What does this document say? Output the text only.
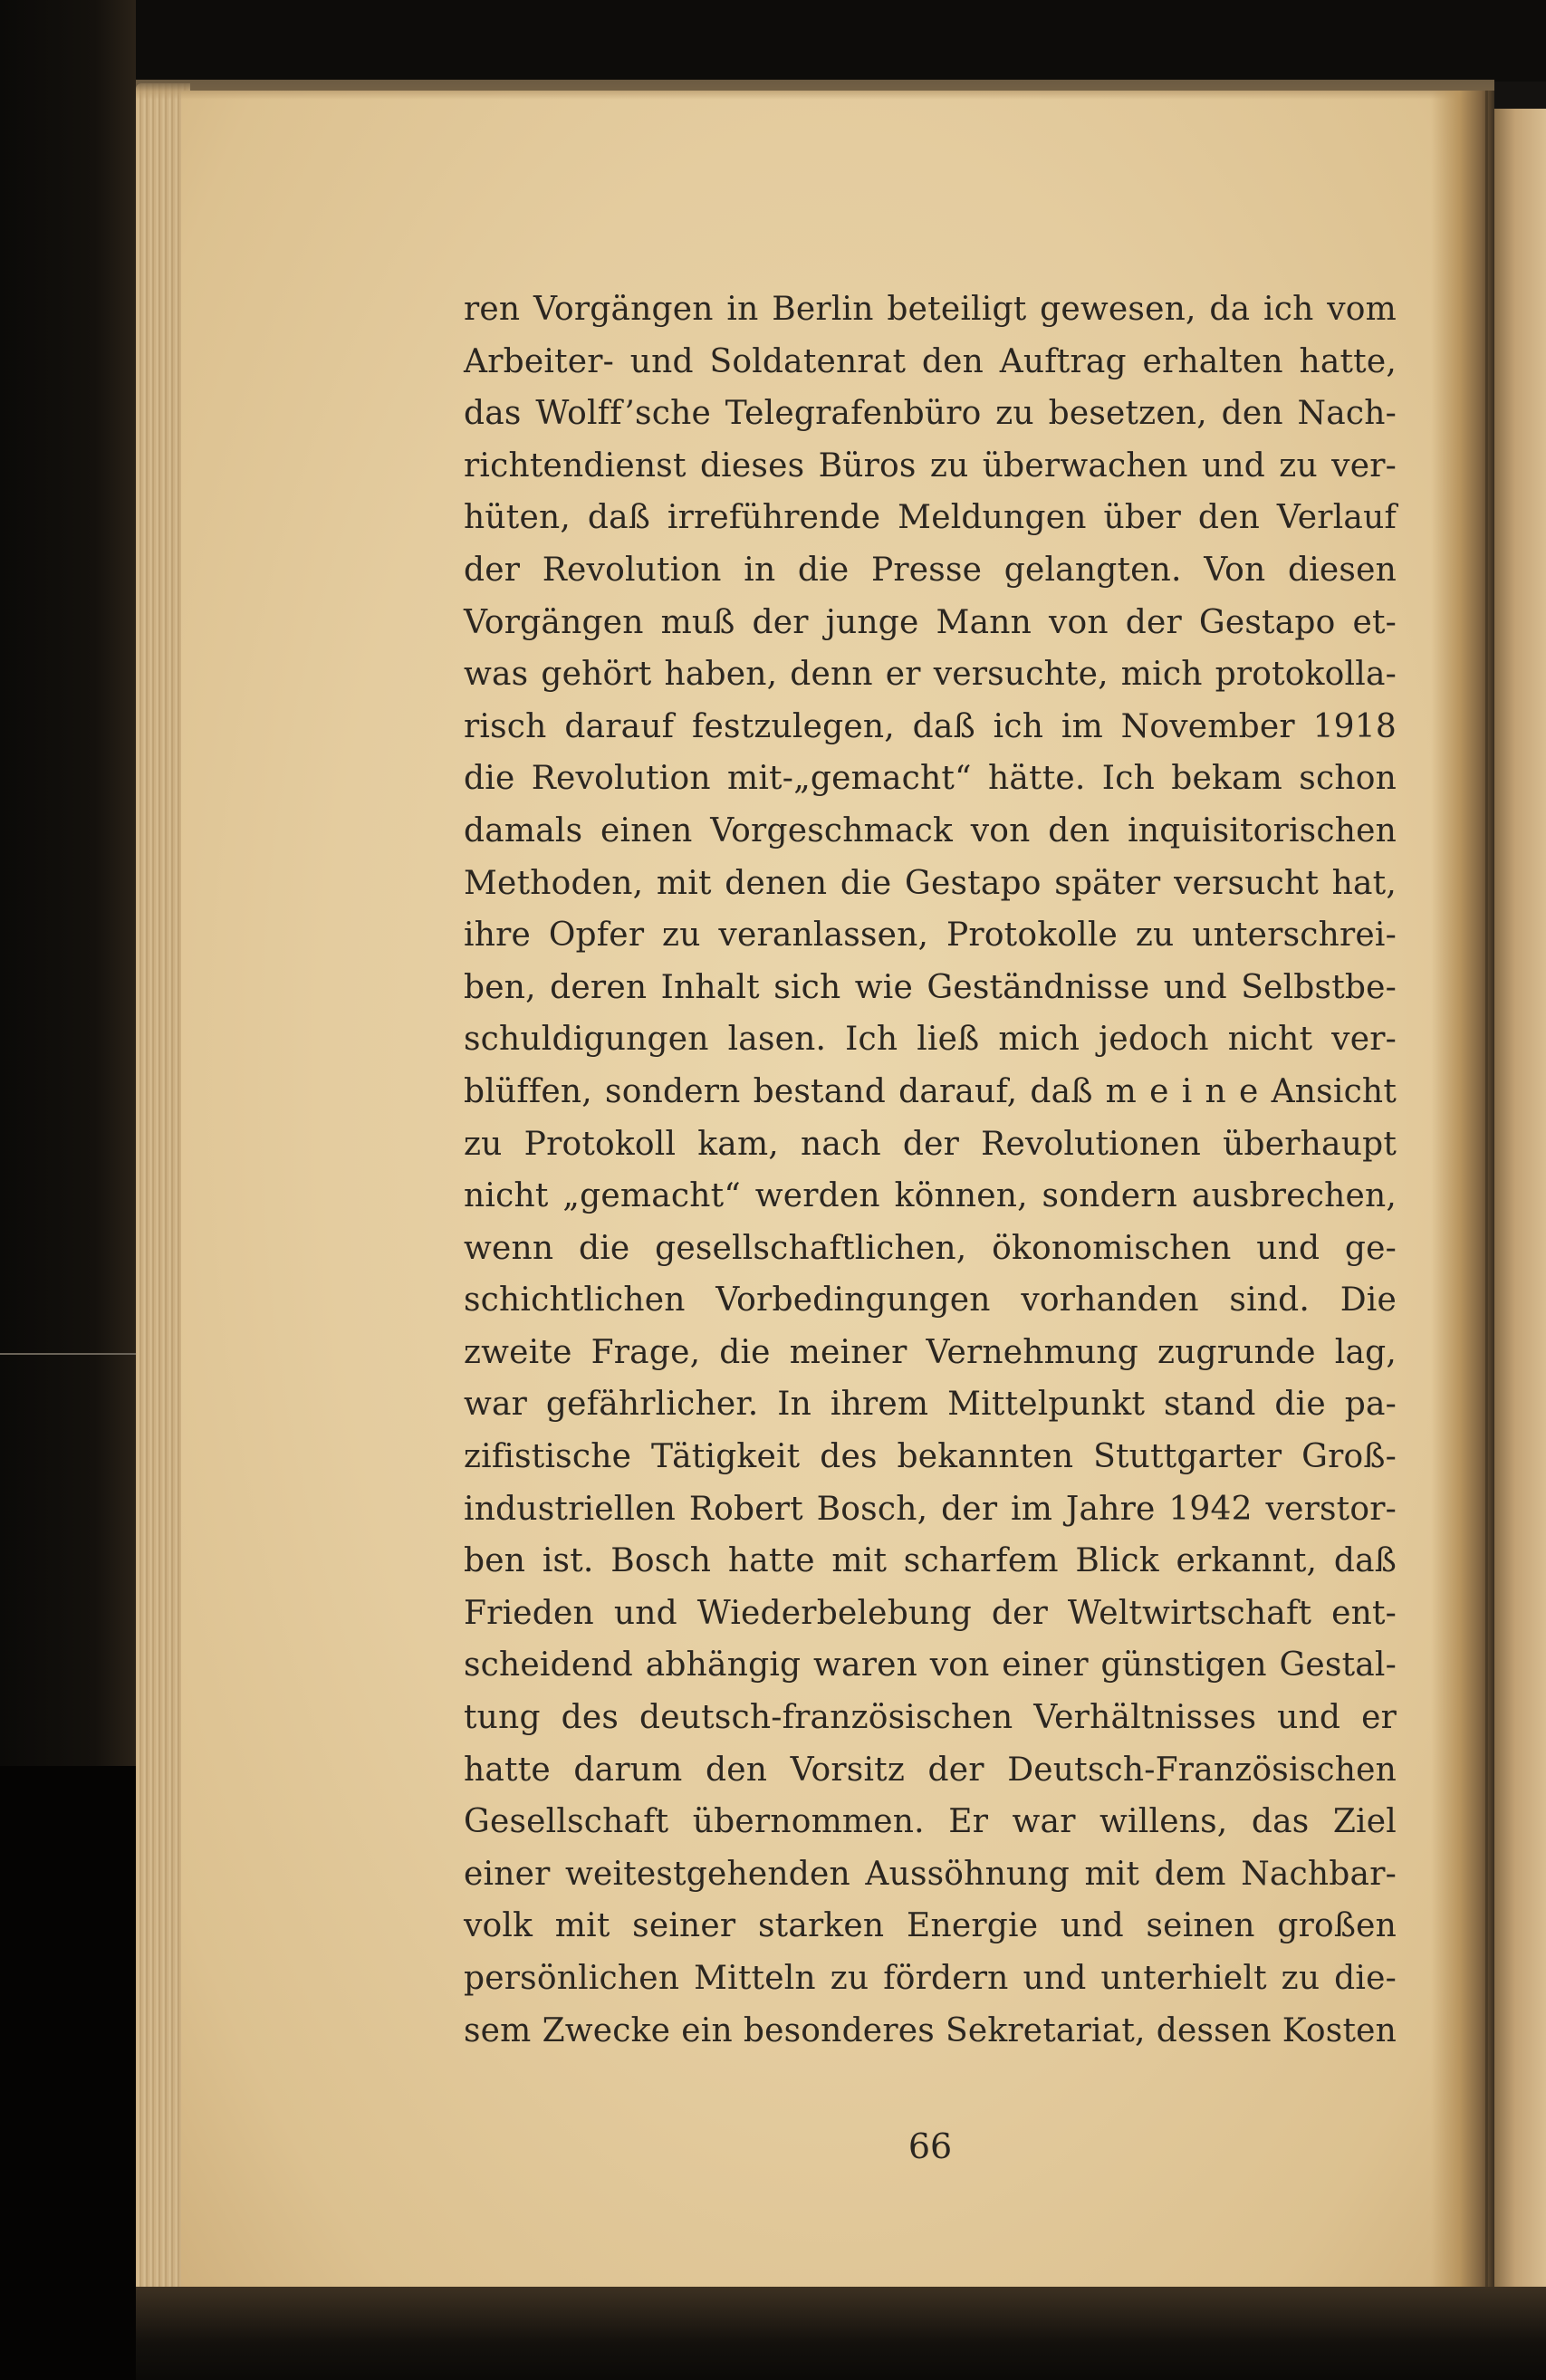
ren Vorgängen in Berlin beteiligt gewesen, da ich vom
Arbeiter- und Soldatenrat den Auftrag erhalten hatte,
das Wolff’sche Telegrafenbüro zu besetzen, den Nach-
richtendienst dieses Büros zu überwachen und zu ver-
hüten, daß irreführende Meldungen über den Verlauf
der Revolution in die Presse gelangten. Von diesen
Vorgängen muß der junge Mann von der Gestapo et-
was gehört haben, denn er versuchte, mich protokolla-
risch darauf festzulegen, daß ich im November 1918
die Revolution mit-„gemacht“ hätte. Ich bekam schon
damals einen Vorgeschmack von den inquisitorischen
Methoden, mit denen die Gestapo später versucht hat,
ihre Opfer zu veranlassen, Protokolle zu unterschrei-
ben, deren Inhalt sich wie Geständnisse und Selbstbe-
schuldigungen lasen. Ich ließ mich jedoch nicht ver-
blüffen, sondern bestand darauf, daß m e i n e Ansicht
zu Protokoll kam, nach der Revolutionen überhaupt
nicht „gemacht“ werden können, sondern ausbrechen,
wenn die gesellschaftlichen, ökonomischen und ge-
schichtlichen Vorbedingungen vorhanden sind. Die
zweite Frage, die meiner Vernehmung zugrunde lag,
war gefährlicher. In ihrem Mittelpunkt stand die pa-
zifistische Tätigkeit des bekannten Stuttgarter Groß-
industriellen Robert Bosch, der im Jahre 1942 verstor-
ben ist. Bosch hatte mit scharfem Blick erkannt, daß
Frieden und Wiederbelebung der Weltwirtschaft ent-
scheidend abhängig waren von einer günstigen Gestal-
tung des deutsch-französischen Verhältnisses und er
hatte darum den Vorsitz der Deutsch-Französischen
Gesellschaft übernommen. Er war willens, das Ziel
einer weitestgehenden Aussöhnung mit dem Nachbar-
volk mit seiner starken Energie und seinen großen
persönlichen Mitteln zu fördern und unterhielt zu die-
sem Zwecke ein besonderes Sekretariat, dessen Kosten
66
